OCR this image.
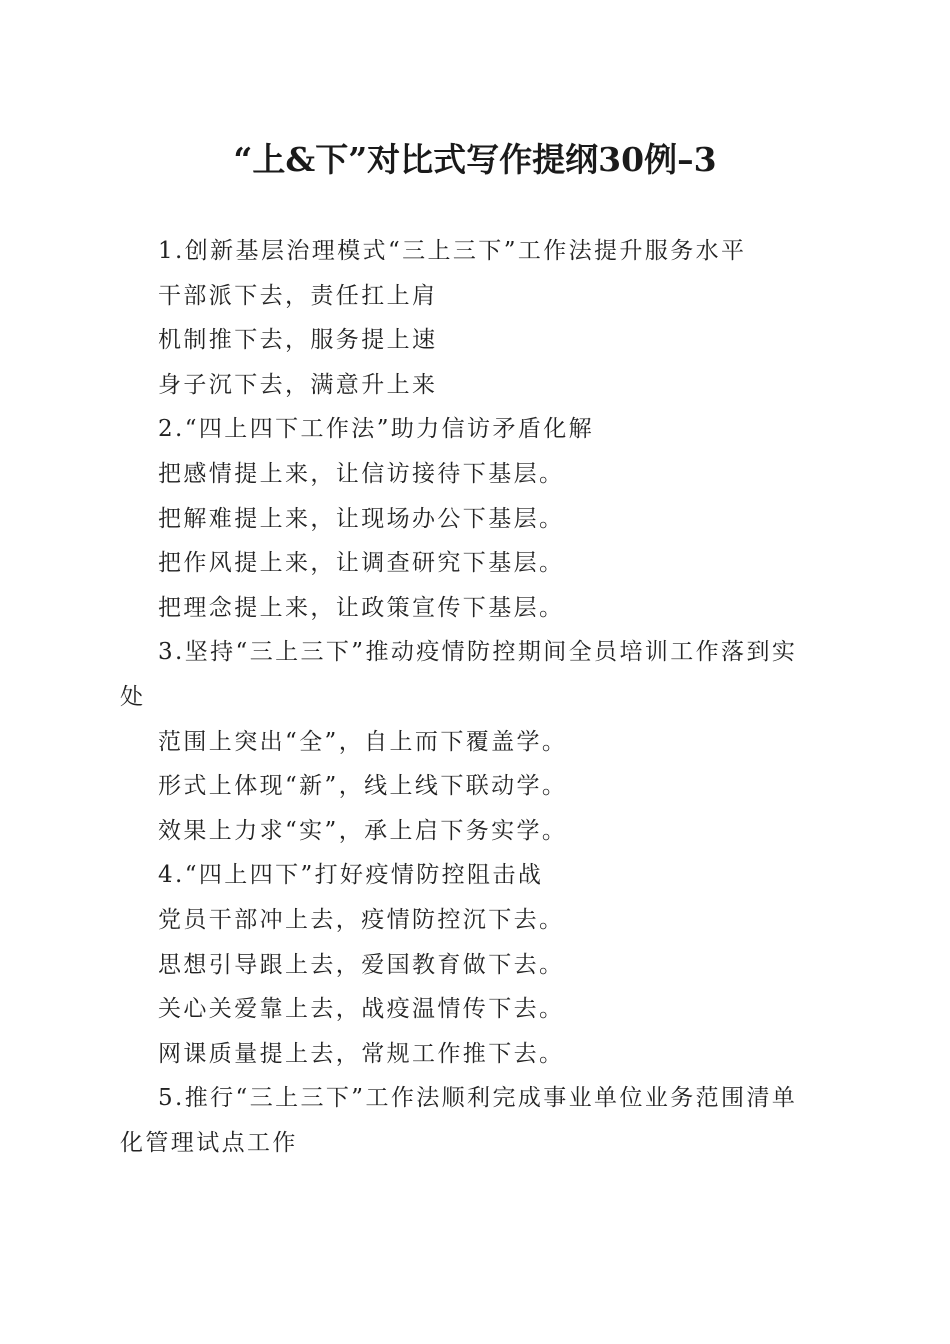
“上&下”对比式写作提纲30例–3

1.创新基层治理模式“三上三下”工作法提升服务水平

干部派下去，责任扛上肩

机制推下去，服务提上速

身子沉下去，满意升上来

2.“四上四下工作法”助力信访矛盾化解

把感情提上来，让信访接待下基层。

把解难提上来，让现场办公下基层。

把作风提上来，让调查研究下基层。

把理念提上来，让政策宣传下基层。

3.坚持“三上三下”推动疫情防控期间全员培训工作落到实

处

范围上突出“全”，自上而下覆盖学。

形式上体现“新”，线上线下联动学。

效果上力求“实”，承上启下务实学。

4.“四上四下”打好疫情防控阻击战

党员干部冲上去，疫情防控沉下去。

思想引导跟上去，爱国教育做下去。

关心关爱靠上去，战疫温情传下去。

网课质量提上去，常规工作推下去。

5.推行“三上三下”工作法顺利完成事业单位业务范围清单

化管理试点工作
